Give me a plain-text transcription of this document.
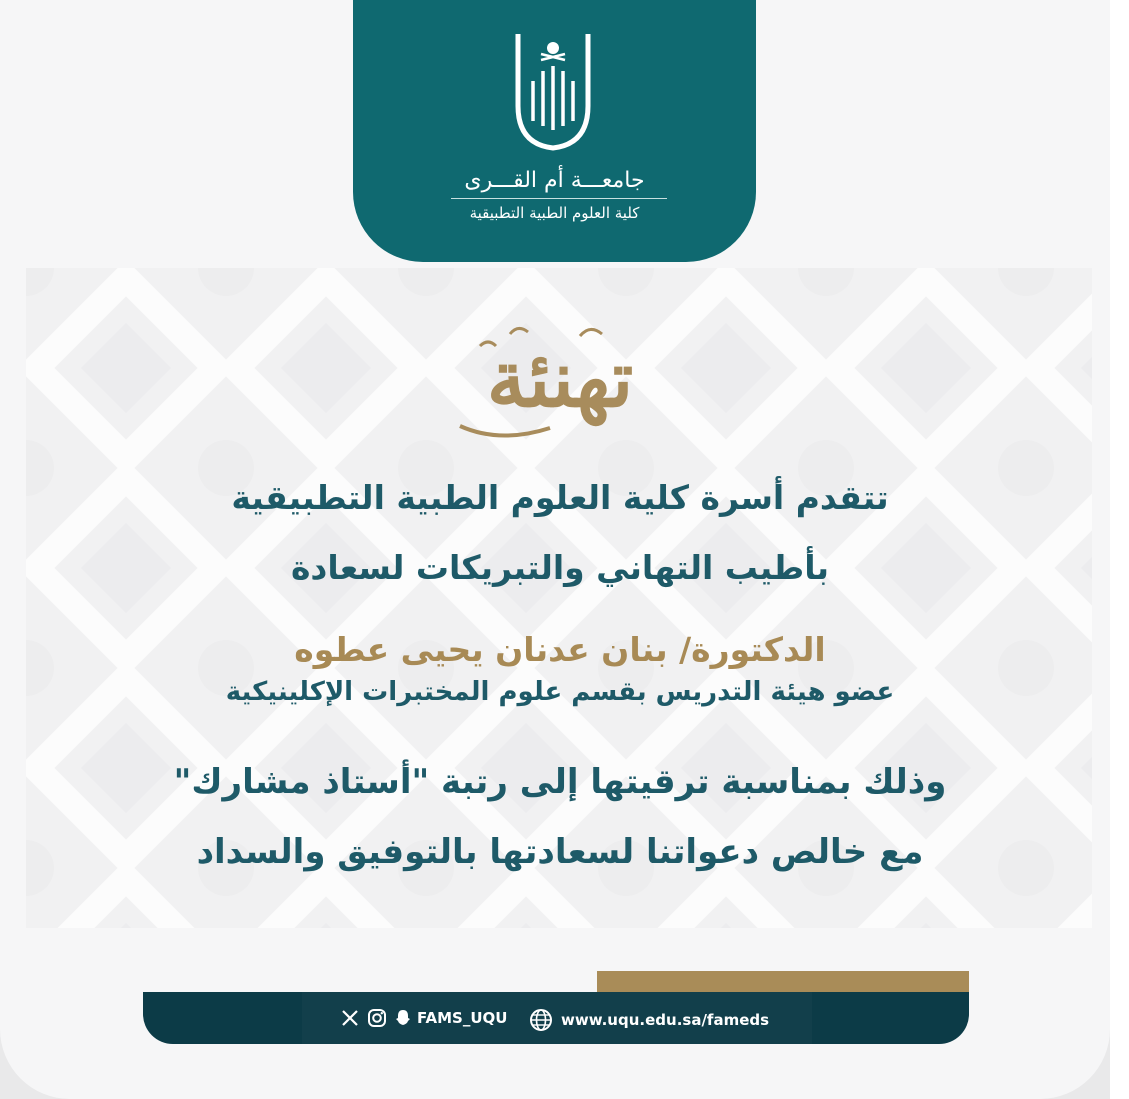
جامعـــة أم القـــرى
كلية العلوم الطبية التطبيقية
تهنئة
تتقدم أسرة كلية العلوم الطبية التطبيقية
بأطيب التهاني والتبريكات لسعادة
الدكتورة/ بنان عدنان يحيى عطوه
عضو هيئة التدريس بقسم علوم المختبرات الإكلينيكية
وذلك بمناسبة ترقيتها إلى رتبة "أستاذ مشارك"
مع خالص دعواتنا لسعادتها بالتوفيق والسداد
FAMS_UQU	www.uqu.edu.sa/fameds
